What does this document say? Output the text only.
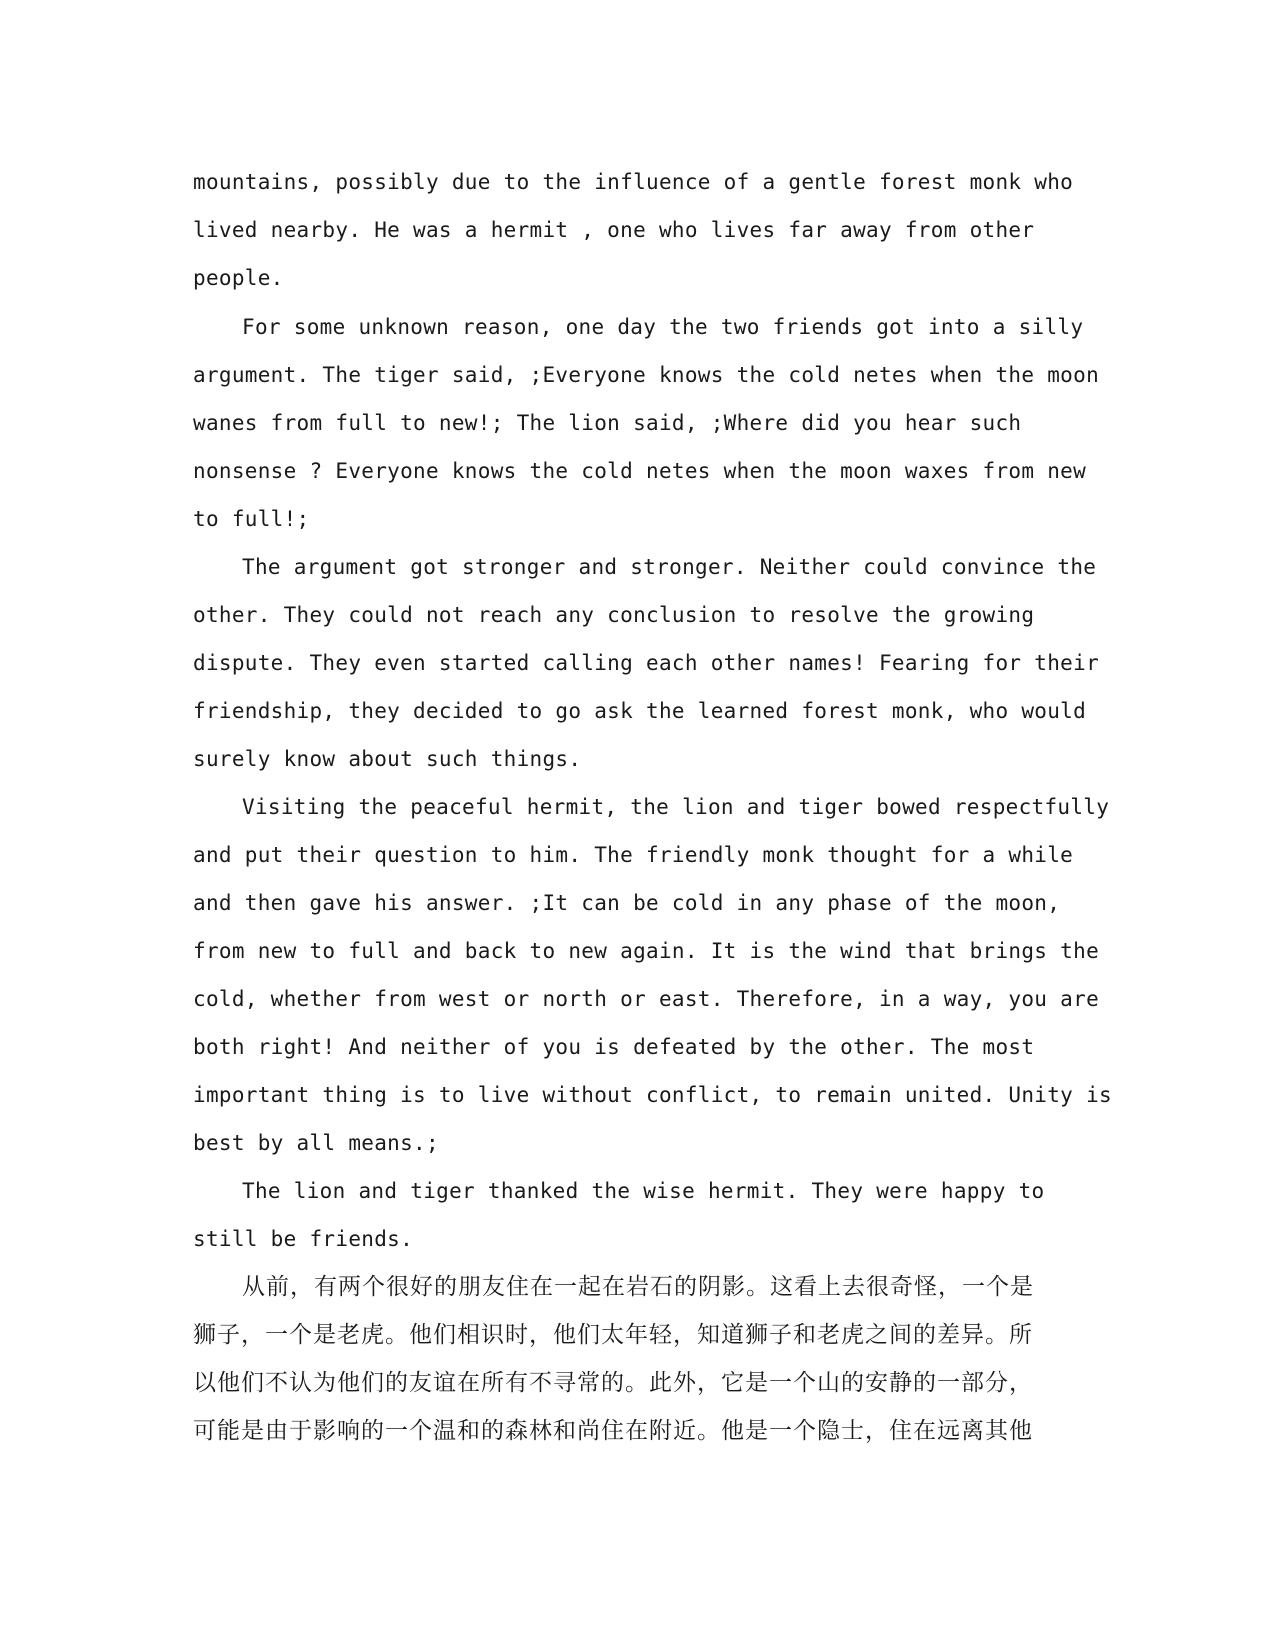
mountains, possibly due to the influence of a gentle forest monk who
lived nearby. He was a hermit , one who lives far away from other
people.
For some unknown reason, one day the two friends got into a silly
argument. The tiger said, ;Everyone knows the cold netes when the moon
wanes from full to new!; The lion said, ;Where did you hear such
nonsense ? Everyone knows the cold netes when the moon waxes from new
to full!;
The argument got stronger and stronger. Neither could convince the
other. They could not reach any conclusion to resolve the growing
dispute. They even started calling each other names! Fearing for their
friendship, they decided to go ask the learned forest monk, who would
surely know about such things.
Visiting the peaceful hermit, the lion and tiger bowed respectfully
and put their question to him. The friendly monk thought for a while
and then gave his answer. ;It can be cold in any phase of the moon,
from new to full and back to new again. It is the wind that brings the
cold, whether from west or north or east. Therefore, in a way, you are
both right! And neither of you is defeated by the other. The most
important thing is to live without conflict, to remain united. Unity is
best by all means.;
The lion and tiger thanked the wise hermit. They were happy to
still be friends.
从前，有两个很好的朋友住在一起在岩石的阴影。这看上去很奇怪，一个是
狮子，一个是老虎。他们相识时，他们太年轻，知道狮子和老虎之间的差异。所
以他们不认为他们的友谊在所有不寻常的。此外，它是一个山的安静的一部分，
可能是由于影响的一个温和的森林和尚住在附近。他是一个隐士，住在远离其他
